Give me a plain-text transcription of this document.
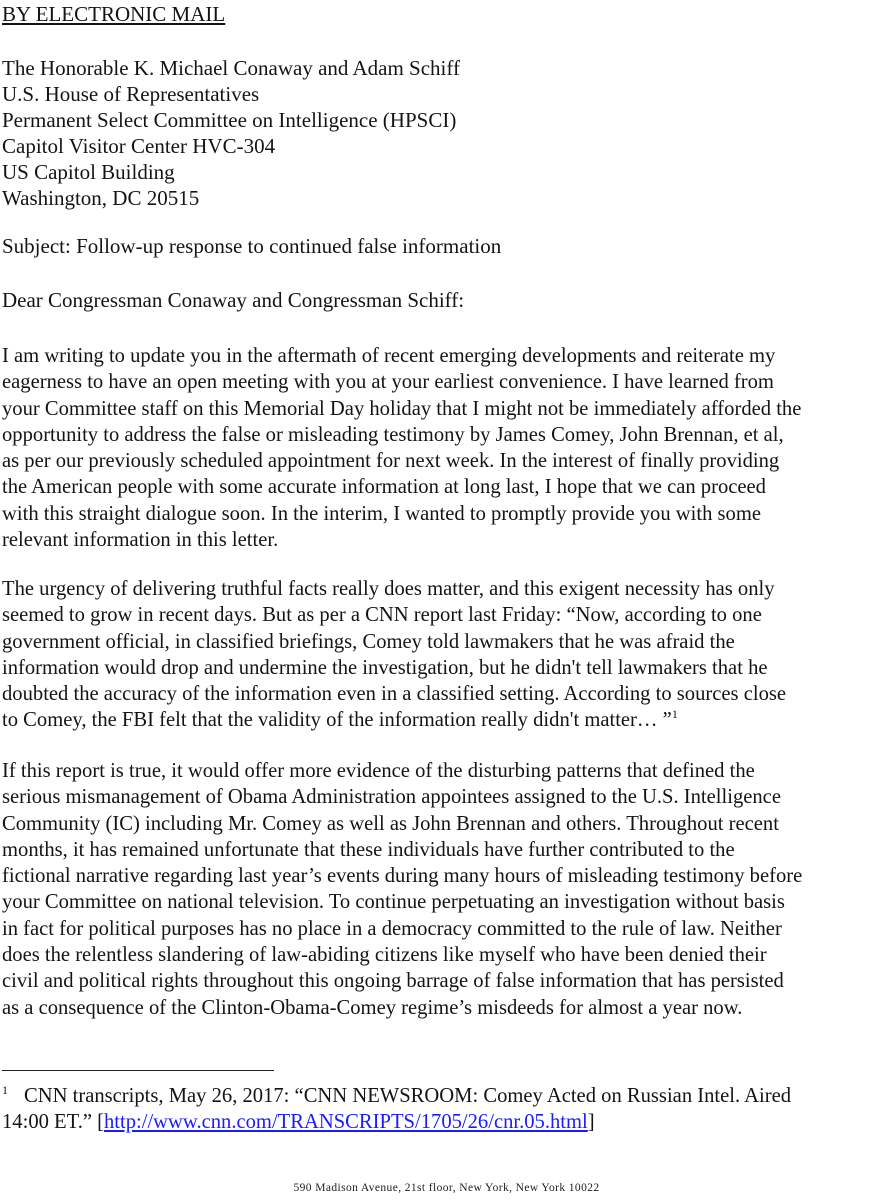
BY ELECTRONIC MAIL
The Honorable K. Michael Conaway and Adam Schiff
U.S. House of Representatives
Permanent Select Committee on Intelligence (HPSCI)
Capitol Visitor Center HVC-304
US Capitol Building
Washington, DC 20515
Subject: Follow-up response to continued false information
Dear Congressman Conaway and Congressman Schiff:
I am writing to update you in the aftermath of recent emerging developments and reiterate my
eagerness to have an open meeting with you at your earliest convenience. I have learned from
your Committee staff on this Memorial Day holiday that I might not be immediately afforded the
opportunity to address the false or misleading testimony by James Comey, John Brennan, et al,
as per our previously scheduled appointment for next week. In the interest of finally providing
the American people with some accurate information at long last, I hope that we can proceed
with this straight dialogue soon. In the interim, I wanted to promptly provide you with some
relevant information in this letter.
The urgency of delivering truthful facts really does matter, and this exigent necessity has only
seemed to grow in recent days. But as per a CNN report last Friday: “Now, according to one
government official, in classified briefings, Comey told lawmakers that he was afraid the
information would drop and undermine the investigation, but he didn't tell lawmakers that he
doubted the accuracy of the information even in a classified setting. According to sources close
to Comey, the FBI felt that the validity of the information really didn't matter… ”$^1$
If this report is true, it would offer more evidence of the disturbing patterns that defined the
serious mismanagement of Obama Administration appointees assigned to the U.S. Intelligence
Community (IC) including Mr. Comey as well as John Brennan and others. Throughout recent
months, it has remained unfortunate that these individuals have further contributed to the
fictional narrative regarding last year’s events during many hours of misleading testimony before
your Committee on national television. To continue perpetuating an investigation without basis
in fact for political purposes has no place in a democracy committed to the rule of law. Neither
does the relentless slandering of law-abiding citizens like myself who have been denied their
civil and political rights throughout this ongoing barrage of false information that has persisted
as a consequence of the Clinton-Obama-Comey regime’s misdeeds for almost a year now.
$^1$ CNN transcripts, May 26, 2017: “CNN NEWSROOM: Comey Acted on Russian Intel. Aired
14:00 ET.” [http://www.cnn.com/TRANSCRIPTS/1705/26/cnr.05.html]
590 Madison Avenue, 21st floor, New York, New York 10022
